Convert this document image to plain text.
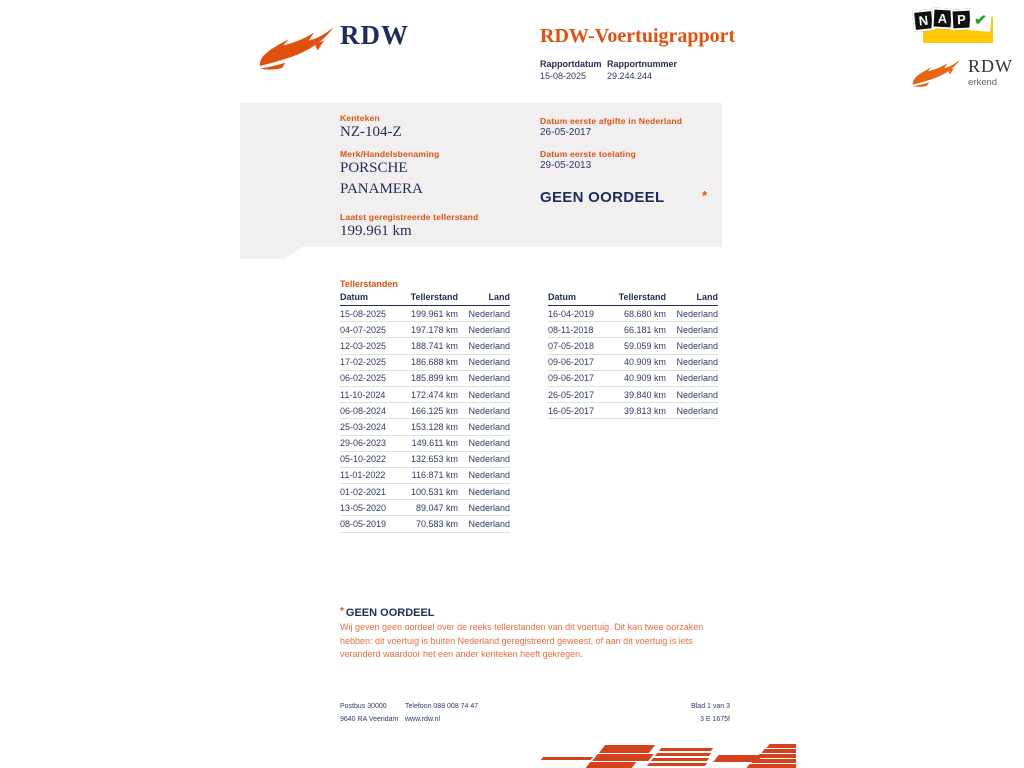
RDW	RDW-Voertuigrapport
Rapportdatum Rapportnummer
15-08-2025 29.244.244
N A P ✔
RDW
erkend
Kenteken
NZ-104-Z
Merk/Handelsbenaming
PORSCHE
PANAMERA
Laatst geregistreerde tellerstand
199.961 km
Datum eerste afgifte in Nederland
26-05-2017
Datum eerste toelating
29-05-2013
GEEN OORDEEL	*
Tellerstanden
Datum	Tellerstand	Land
15-08-2025	199.961 km	Nederland
04-07-2025	197.178 km	Nederland
12-03-2025	188.741 km	Nederland
17-02-2025	186.688 km	Nederland
06-02-2025	185.899 km	Nederland
11-10-2024	172.474 km	Nederland
06-08-2024	166.125 km	Nederland
25-03-2024	153.128 km	Nederland
29-06-2023	149.611 km	Nederland
05-10-2022	132.653 km	Nederland
11-01-2022	116.871 km	Nederland
01-02-2021	100.531 km	Nederland
13-05-2020	89.047 km	Nederland
08-05-2019	70.583 km	Nederland
Datum	Tellerstand	Land
16-04-2019	68.680 km	Nederland
08-11-2018	66.181 km	Nederland
07-05-2018	59.059 km	Nederland
09-06-2017	40.909 km	Nederland
09-06-2017	40.909 km	Nederland
26-05-2017	39.840 km	Nederland
16-05-2017	39.813 km	Nederland
* GEEN OORDEEL
Wij geven geen oordeel over de reeks tellerstanden van dit voertuig. Dit kan twee oorzaken hebben: dit voertuig is buiten Nederland geregistreerd geweest, of aan dit voertuig is iets veranderd waardoor het een ander kenteken heeft gekregen.
Postbus 30000
9640 RA Veendam
Telefoon 088 008 74 47
www.rdw.nl
Blad 1 van 3
3 E 1675f
